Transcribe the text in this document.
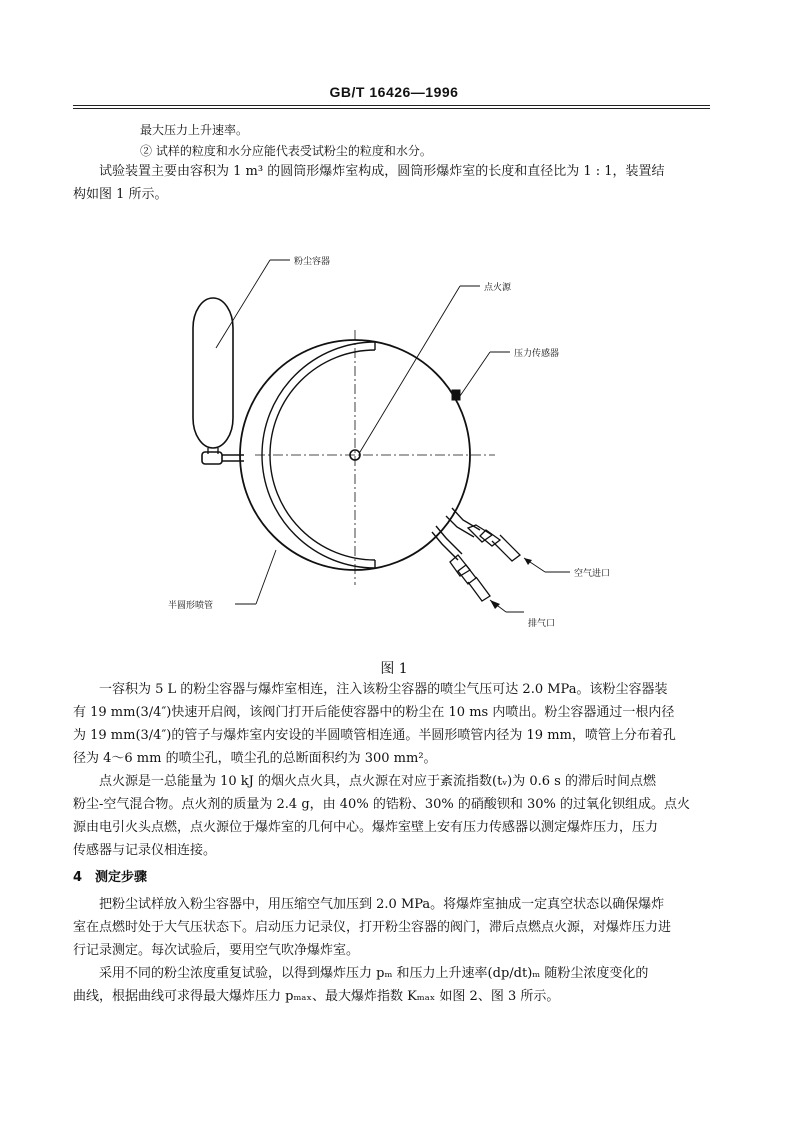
GB/T 16426—1996
最大压力上升速率。
② 试样的粒度和水分应能代表受试粉尘的粒度和水分。
试验装置主要由容积为 1 m³ 的圆筒形爆炸室构成，圆筒形爆炸室的长度和直径比为 1 : 1，装置结
构如图 1 所示。
粉尘容器
点火源
压力传感器
空气进口
半圆形喷管
排气口
图 1
一容积为 5 L 的粉尘容器与爆炸室相连，注入该粉尘容器的喷尘气压可达 2.0 MPa。该粉尘容器装
有 19 mm(3/4″)快速开启阀，该阀门打开后能使容器中的粉尘在 10 ms 内喷出。粉尘容器通过一根内径
为 19 mm(3/4″)的管子与爆炸室内安设的半圆喷管相连通。半圆形喷管内径为 19 mm，喷管上分布着孔
径为 4～6 mm 的喷尘孔，喷尘孔的总断面积约为 300 mm²。
点火源是一总能量为 10 kJ 的烟火点火具，点火源在对应于紊流指数(tᵥ)为 0.6 s 的滞后时间点燃
粉尘-空气混合物。点火剂的质量为 2.4 g，由 40% 的锆粉、30% 的硝酸钡和 30% 的过氧化钡组成。点火
源由电引火头点燃，点火源位于爆炸室的几何中心。爆炸室壁上安有压力传感器以测定爆炸压力，压力
传感器与记录仪相连接。
4　测定步骤
把粉尘试样放入粉尘容器中，用压缩空气加压到 2.0 MPa。将爆炸室抽成一定真空状态以确保爆炸
室在点燃时处于大气压状态下。启动压力记录仪，打开粉尘容器的阀门，滞后点燃点火源，对爆炸压力进
行记录测定。每次试验后，要用空气吹净爆炸室。
采用不同的粉尘浓度重复试验，以得到爆炸压力 pₘ 和压力上升速率(dp/dt)ₘ 随粉尘浓度变化的
曲线，根据曲线可求得最大爆炸压力 pₘₐₓ、最大爆炸指数 Kₘₐₓ 如图 2、图 3 所示。
